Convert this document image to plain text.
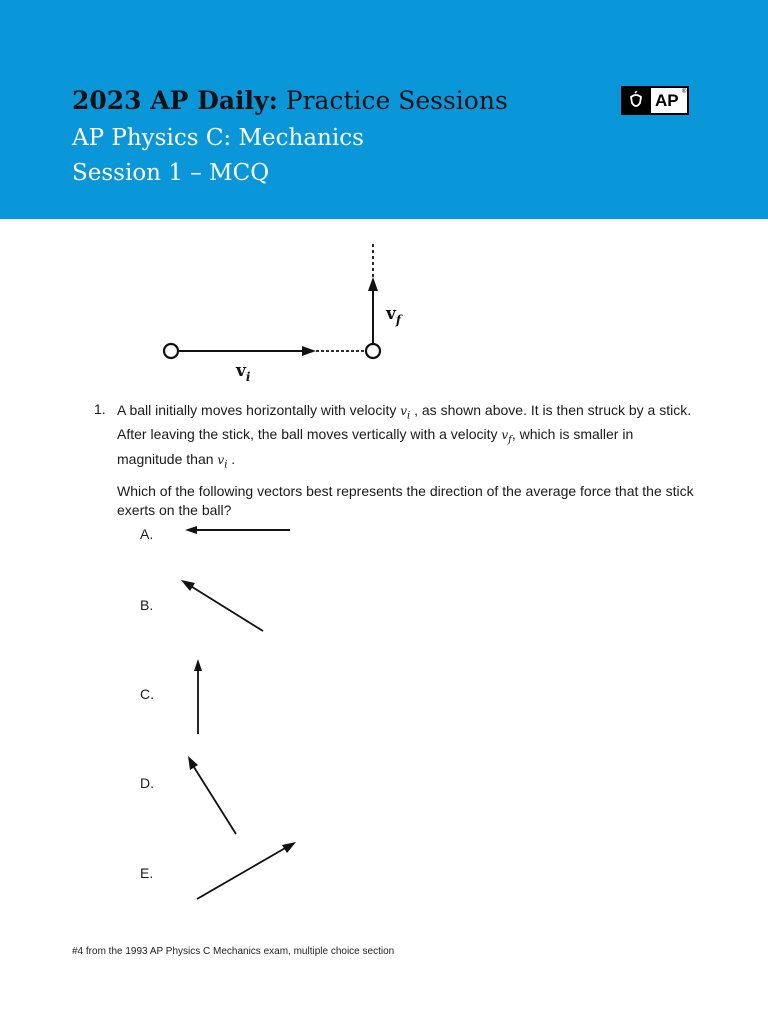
2023 AP Daily: Practice Sessions
AP Physics C: Mechanics
Session 1 – MCQ
AP ®
$v_i$
$v_f$
1. A ball initially moves horizontally with velocity $v_i$ , as shown above. It is then struck by a stick. After leaving the stick, the ball moves vertically with a velocity $v_f$, which is smaller in magnitude than $v_i$ .

Which of the following vectors best represents the direction of the average force that the stick exerts on the ball?

A.
B.
C.
D.
E.
#4 from the 1993 AP Physics C Mechanics exam, multiple choice section
